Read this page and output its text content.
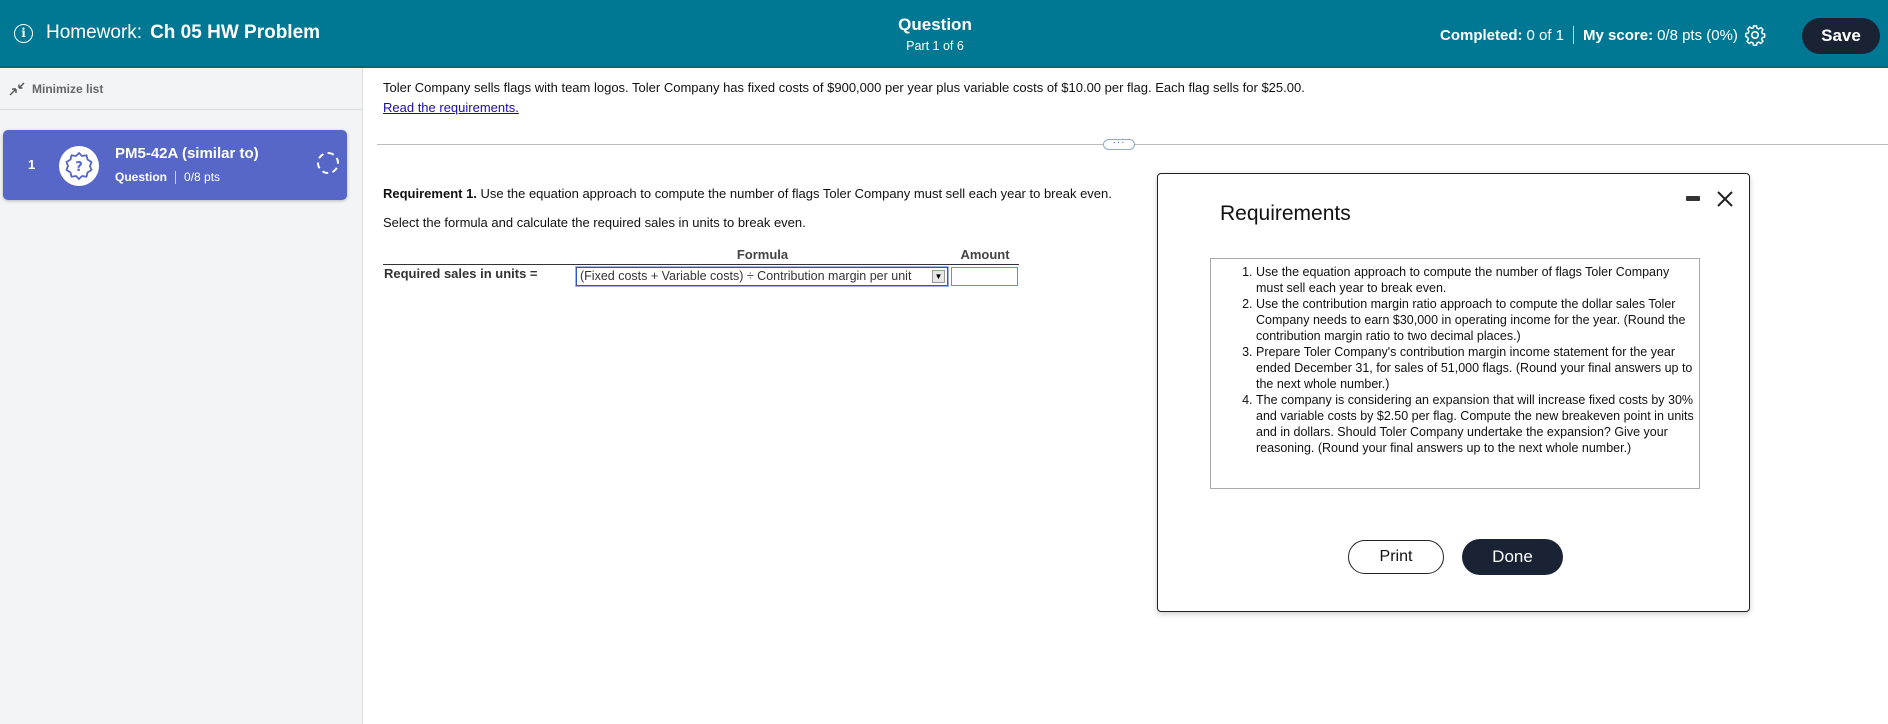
i	Homework: Ch 05 HW Problem	Question
Part 1 of 6
Completed: 0 of 1 My score: 0/8 pts (0%)	Save
Minimize list
1	?
PM5-42A (similar to)
Question 0/8 pts
Toler Company sells flags with team logos. Toler Company has fixed costs of $900,000 per year plus variable costs of $10.00 per flag. Each flag sells for $25.00.
Read the requirements.
···
Requirement 1. Use the equation approach to compute the number of flags Toler Company must sell each year to break even.
Select the formula and calculate the required sales in units to break even.
Formula	Amount
Required sales in units =	(Fixed costs + Variable costs) ÷ Contribution margin per unit	▼
Requirements
1. Use the equation approach to compute the number of flags Toler Company must sell each year to break even.
2. Use the contribution margin ratio approach to compute the dollar sales Toler Company needs to earn $30,000 in operating income for the year. (Round the contribution margin ratio to two decimal places.)
3. Prepare Toler Company's contribution margin income statement for the year ended December 31, for sales of 51,000 flags. (Round your final answers up to the next whole number.)
4. The company is considering an expansion that will increase fixed costs by 30% and variable costs by $2.50 per flag. Compute the new breakeven point in units and in dollars. Should Toler Company undertake the expansion? Give your reasoning. (Round your final answers up to the next whole number.)
Print	Done
